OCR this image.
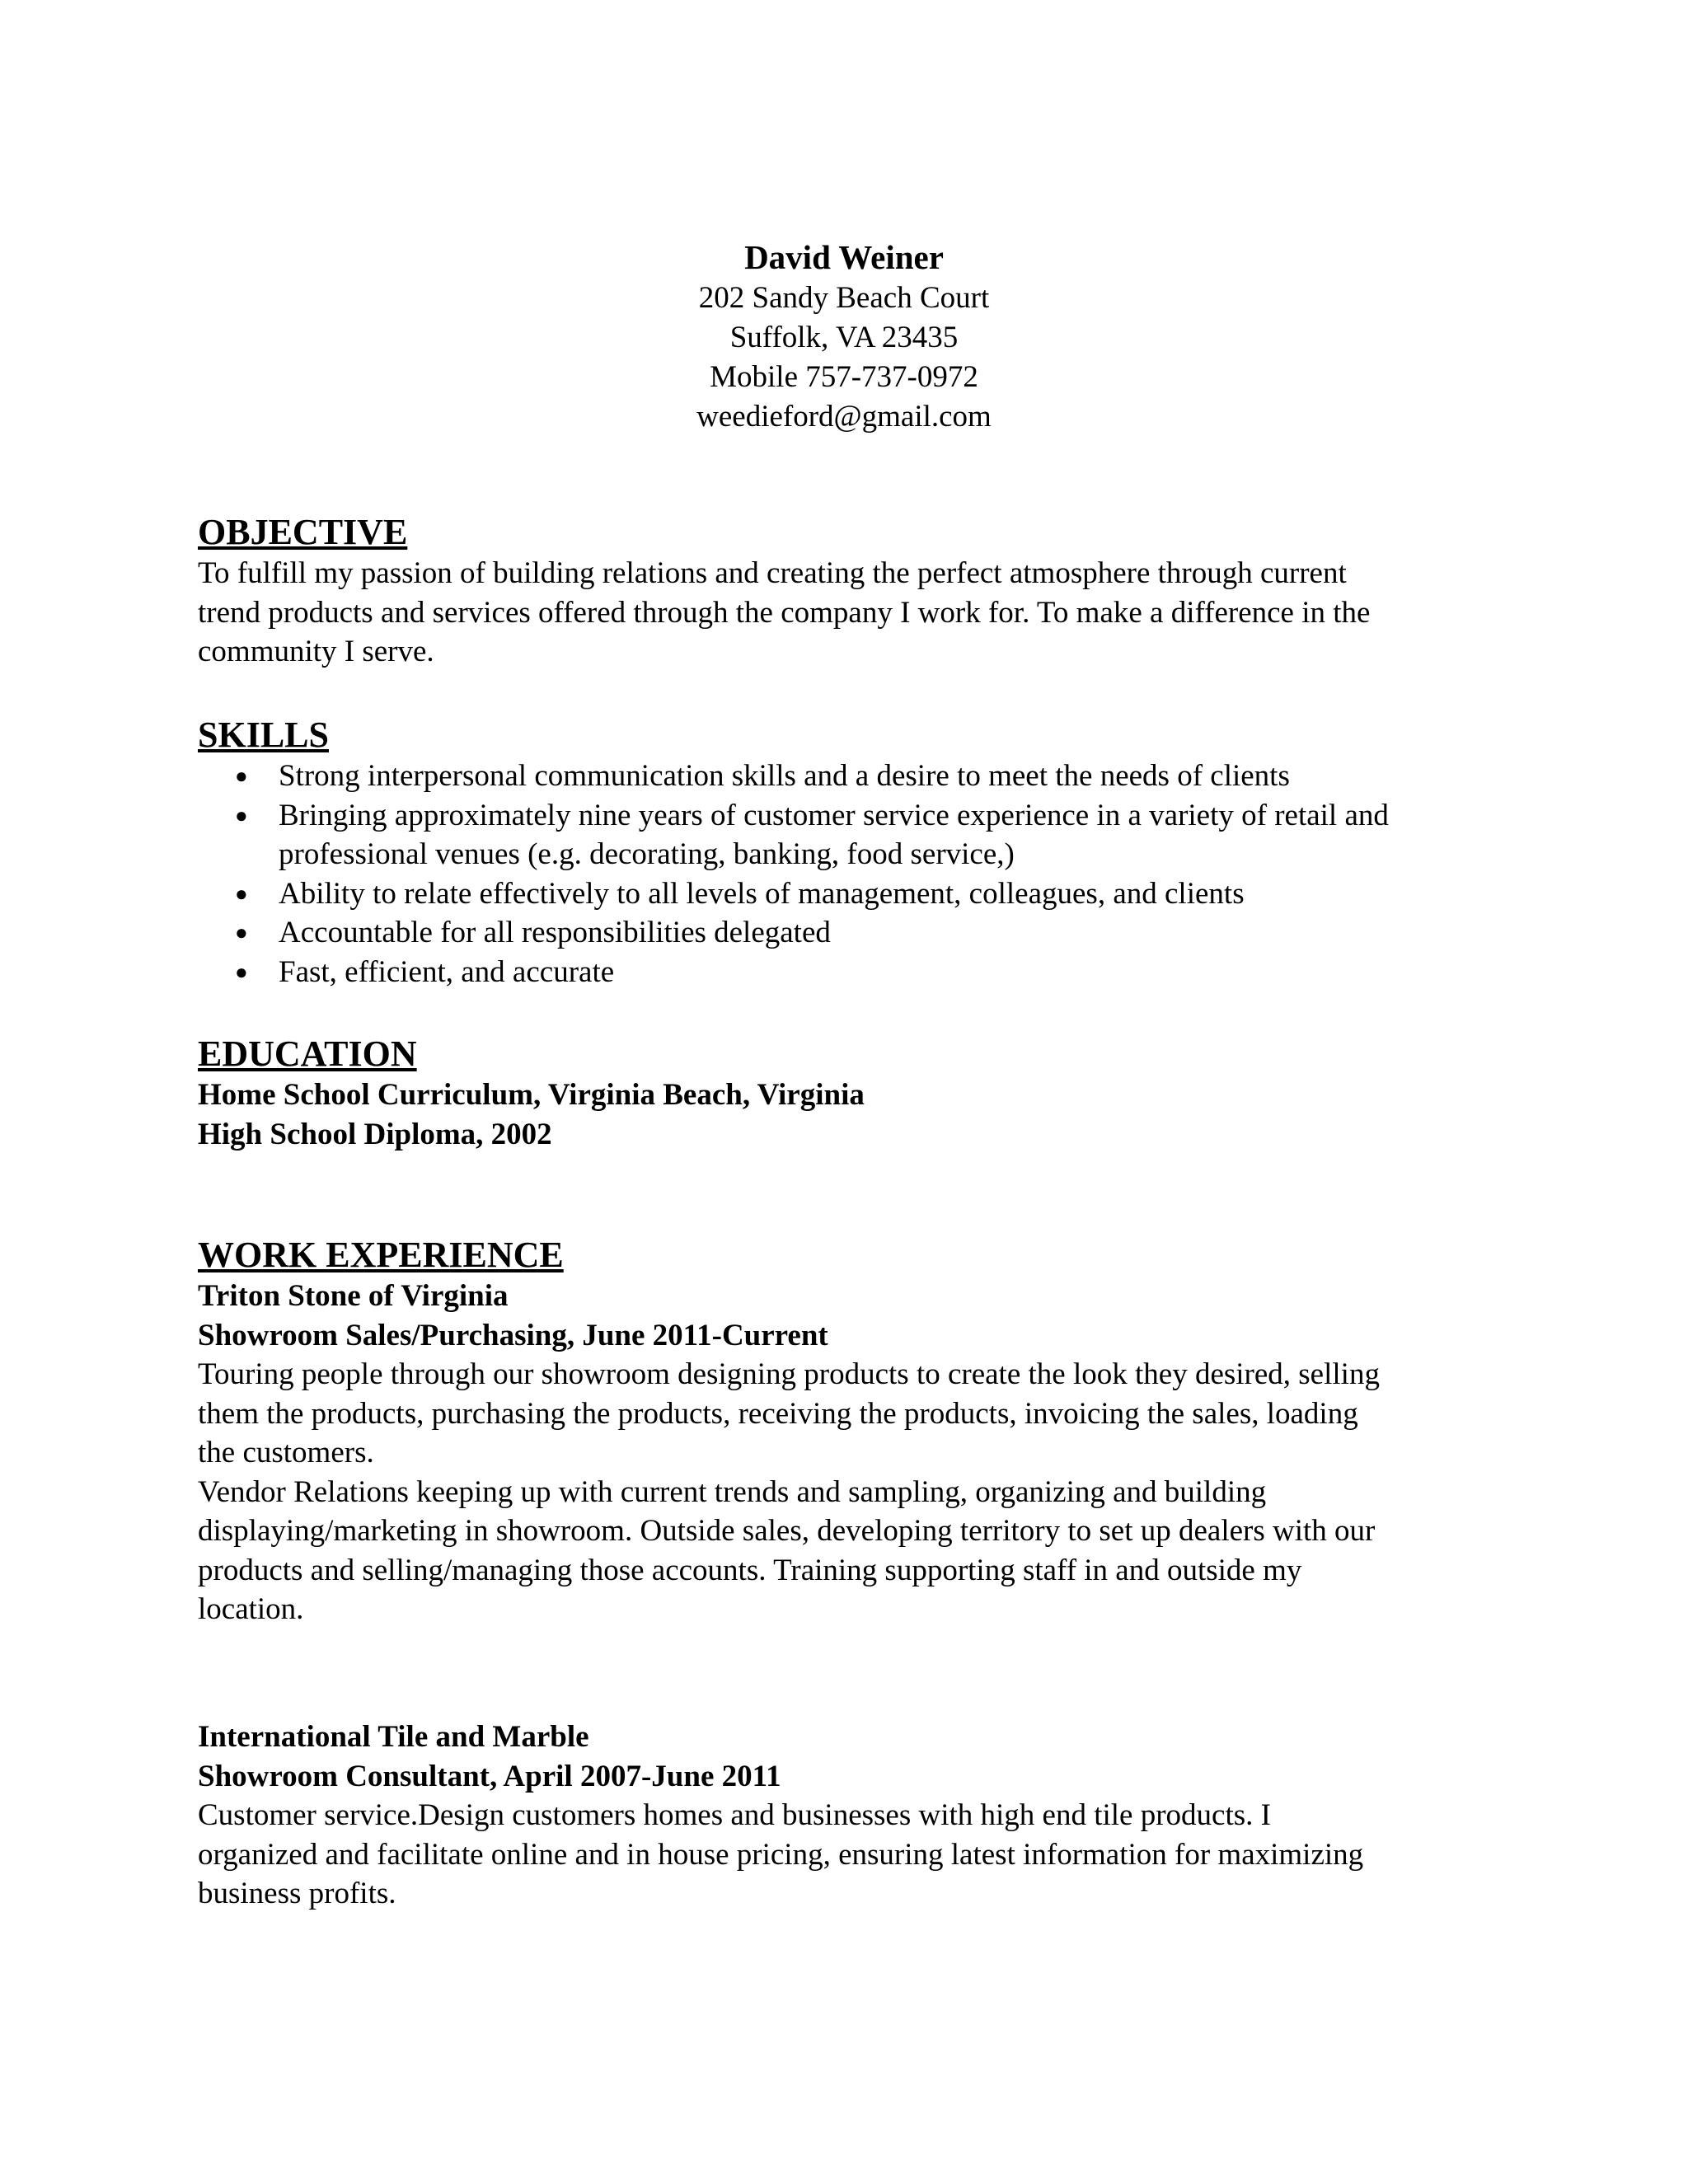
David Weiner

202 Sandy Beach Court

Suffolk, VA 23435

Mobile 757-737-0972

weedieford@gmail.com

OBJECTIVE

To fulfill my passion of building relations and creating the perfect atmosphere through current

trend products and services offered through the company I work for. To make a difference in the

community I serve.

SKILLS

● Strong interpersonal communication skills and a desire to meet the needs of clients
● Bringing approximately nine years of customer service experience in a variety of retail and
professional venues (e.g. decorating, banking, food service,)
● Ability to relate effectively to all levels of management, colleagues, and clients
● Accountable for all responsibilities delegated
● Fast, efficient, and accurate

EDUCATION

Home School Curriculum, Virginia Beach, Virginia

High School Diploma, 2002

WORK EXPERIENCE

Triton Stone of Virginia

Showroom Sales/Purchasing, June 2011-Current

Touring people through our showroom designing products to create the look they desired, selling

them the products, purchasing the products, receiving the products, invoicing the sales, loading

the customers.

Vendor Relations keeping up with current trends and sampling, organizing and building

displaying/marketing in showroom. Outside sales, developing territory to set up dealers with our

products and selling/managing those accounts. Training supporting staff in and outside my

location.

International Tile and Marble

Showroom Consultant, April 2007-June 2011

Customer service.Design customers homes and businesses with high end tile products. I

organized and facilitate online and in house pricing, ensuring latest information for maximizing

business profits.
